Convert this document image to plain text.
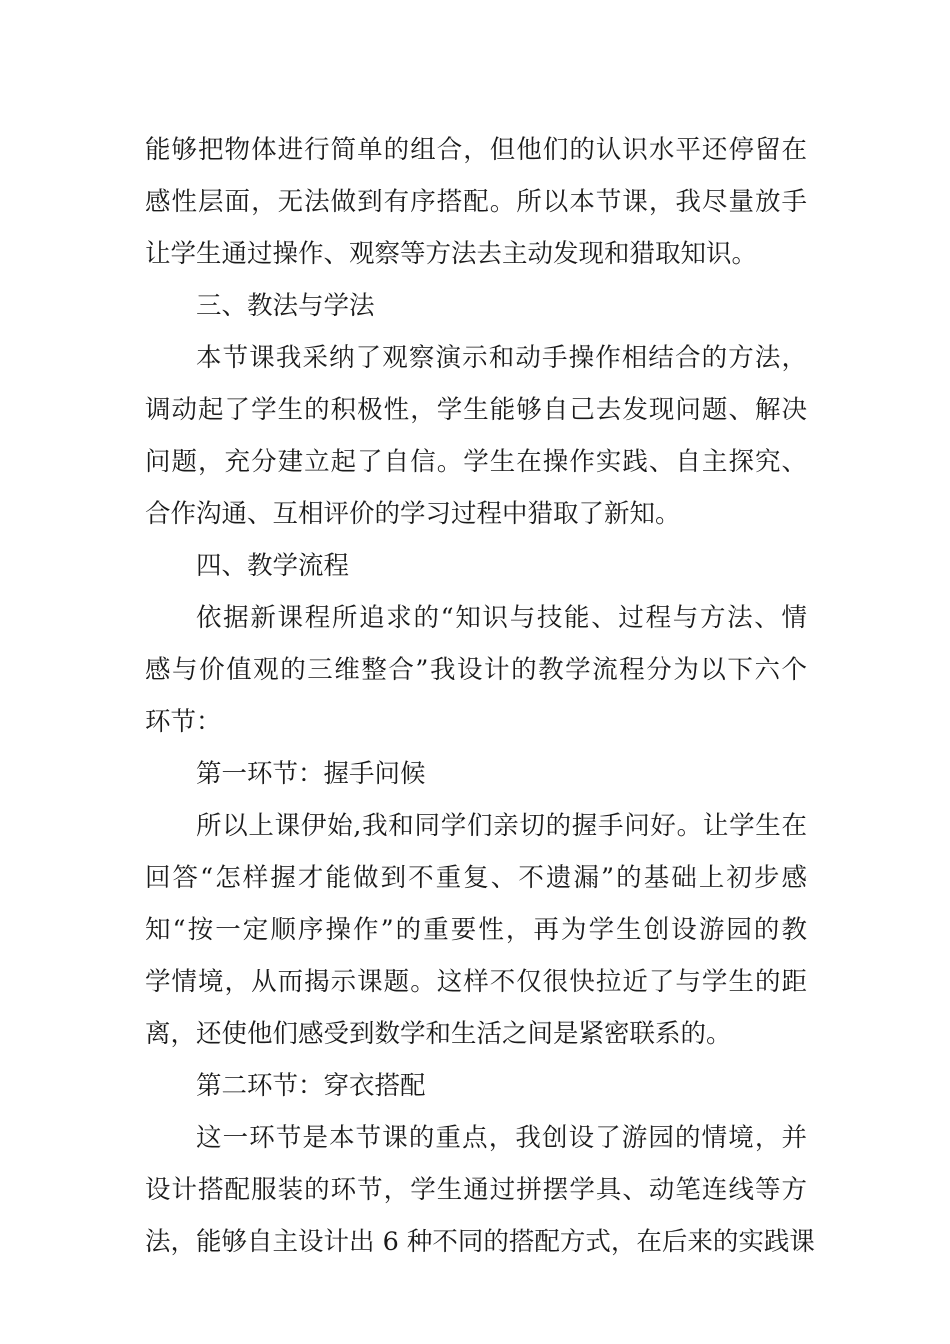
能够把物体进行简单的组合，但他们的认识水平还停留在
感性层面，无法做到有序搭配。所以本节课，我尽量放手
让学生通过操作、观察等方法去主动发现和猎取知识。
三、教法与学法
本节课我采纳了观察演示和动手操作相结合的方法，
调动起了学生的积极性，学生能够自己去发现问题、解决
问题，充分建立起了自信。学生在操作实践、自主探究、
合作沟通、互相评价的学习过程中猎取了新知。
四、教学流程
依据新课程所追求的“知识与技能、过程与方法、情
感与价值观的三维整合”我设计的教学流程分为以下六个
环节：
第一环节：握手问候
所以上课伊始,我和同学们亲切的握手问好。让学生在
回答“怎样握才能做到不重复、不遗漏”的基础上初步感
知“按一定顺序操作”的重要性，再为学生创设游园的教
学情境，从而揭示课题。这样不仅很快拉近了与学生的距
离，还使他们感受到数学和生活之间是紧密联系的。
第二环节：穿衣搭配
这一环节是本节课的重点，我创设了游园的情境，并
设计搭配服装的环节，学生通过拼摆学具、动笔连线等方
法，能够自主设计出 6 种不同的搭配方式，在后来的实践课
